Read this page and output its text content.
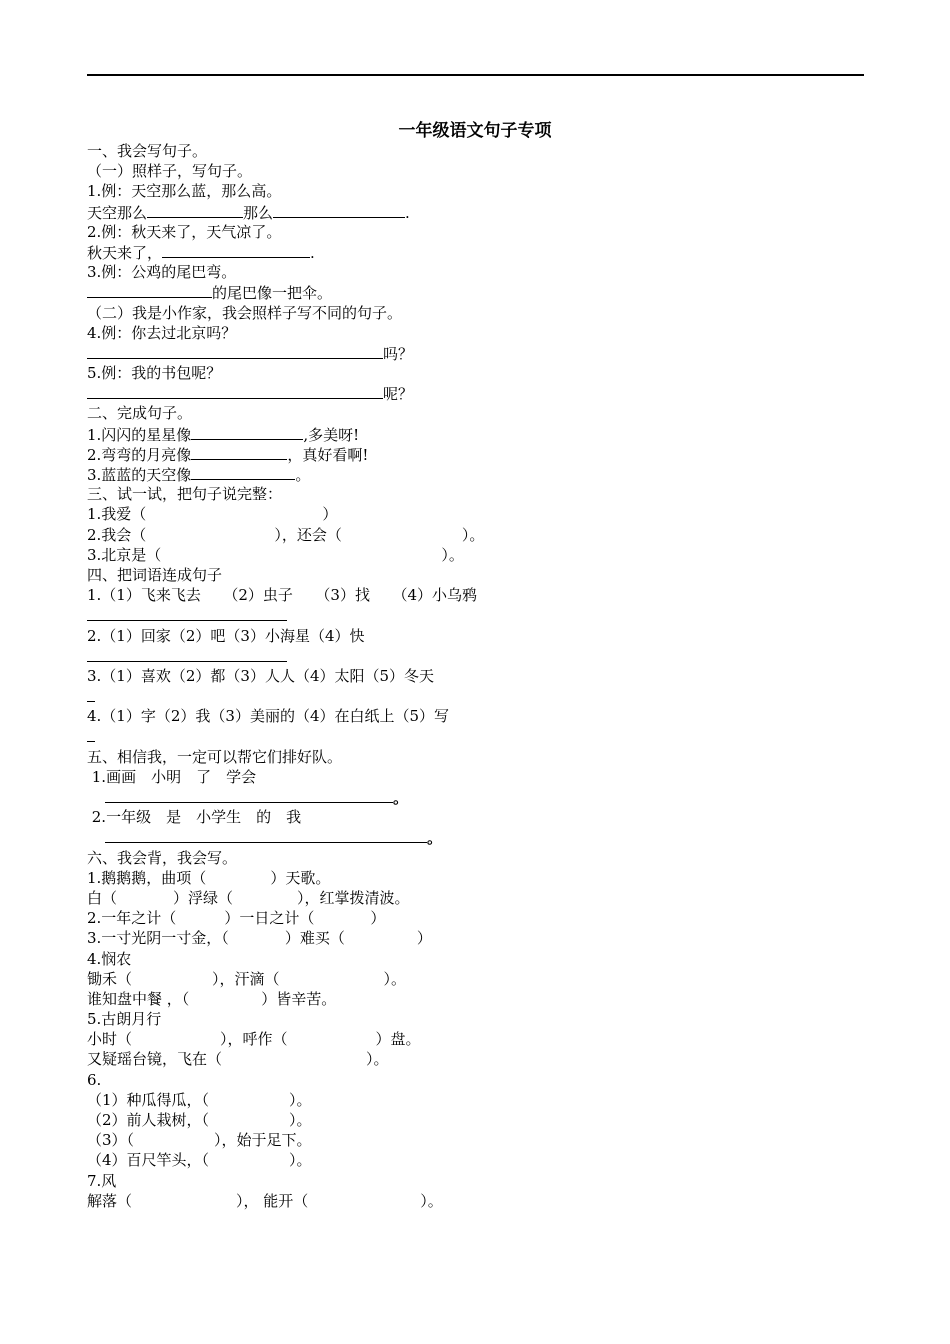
一年级语文句子专项
一、我会写句子。
（一）照样子，写句子。
1.例：天空那么蓝，那么高。
天空那么	那么	.
2.例：秋天来了，天气凉了。
秋天来了，	.
3.例：公鸡的尾巴弯。
的尾巴像一把伞。
（二）我是小作家，我会照样子写不同的句子。
4.例：你去过北京吗？
吗？
5.例：我的书包呢？
呢？
二、完成句子。
1.闪闪的星星像	,多美呀!
2.弯弯的月亮像	，真好看啊!
3.蓝蓝的天空像	。
三、试一试，把句子说完整：
1.我爱（	）
2.我会（	），还会（	）。
3.北京是（	）。
四、把词语连成句子
1.（1）飞来飞去　　（2）虫子　　（3）找　　（4）小乌鸦
2.（1）回家（2）吧（3）小海星（4）快
3.（1）喜欢（2）都（3）人人（4）太阳（5）冬天
4.（1）字（2）我（3）美丽的（4）在白纸上（5）写
五、相信我，一定可以帮它们排好队。
1.画画　小明　了　学会
。
2.一年级　是　小学生　的　我
。
六、我会背，我会写。
1.鹅鹅鹅，曲项（	）天歌。
白（	）浮绿（	），红掌拨清波。
2.一年之计（	）一日之计（	）
3.一寸光阴一寸金，（	）难买（	）
4.悯农
锄禾（	），汗滴（	）。
谁知盘中餐 ，（	）皆辛苦。
5.古朗月行
小时（	），呼作（	）盘。
又疑瑶台镜，飞在（	）。
6.
（1）种瓜得瓜，（	）。
（2）前人栽树，（	）。
（3）（	），始于足下。
（4）百尺竿头，（	）。
7.风
解落（	）， 能开（	）。
